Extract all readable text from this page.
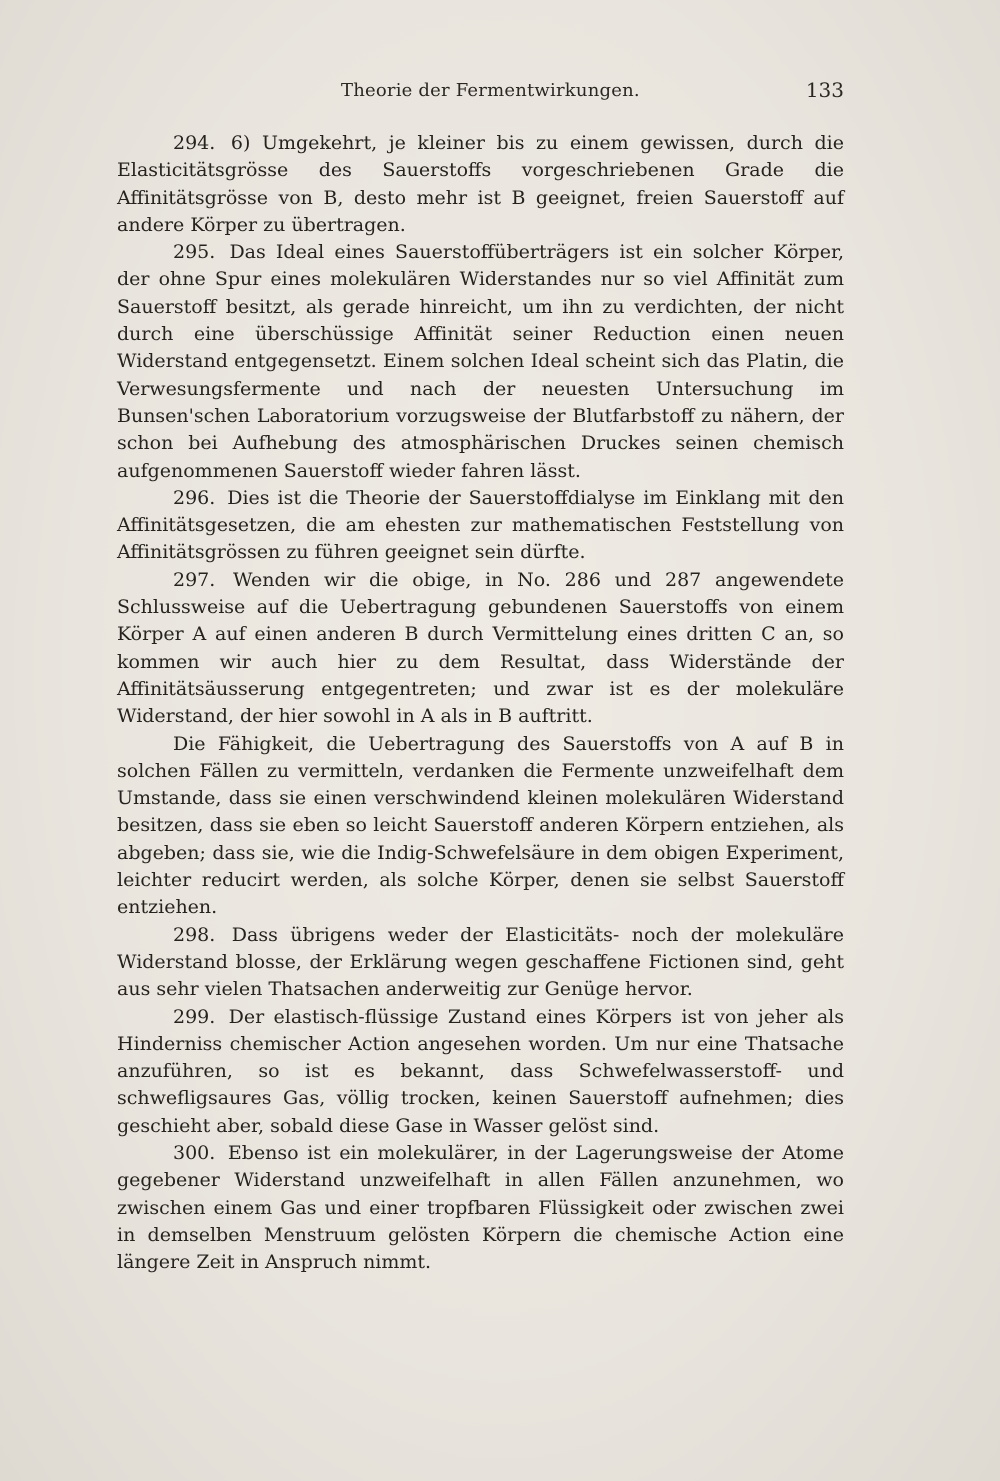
Theorie der Fermentwirkungen.	133

294. 6) Umgekehrt, je kleiner bis zu einem gewissen, durch die Elasticitätsgrösse des Sauerstoffs vorgeschriebenen Grade die Affinitätsgrösse von B, desto mehr ist B geeignet, freien Sauerstoff auf andere Körper zu übertragen.

295. Das Ideal eines Sauerstoffüberträgers ist ein solcher Körper, der ohne Spur eines molekulären Widerstandes nur so viel Affinität zum Sauerstoff besitzt, als gerade hinreicht, um ihn zu verdichten, der nicht durch eine überschüssige Affinität seiner Reduction einen neuen Widerstand entgegensetzt. Einem solchen Ideal scheint sich das Platin, die Verwesungsfermente und nach der neuesten Untersuchung im Bunsen'schen Laboratorium vorzugsweise der Blutfarbstoff zu nähern, der schon bei Aufhebung des atmosphärischen Druckes seinen chemisch aufgenommenen Sauerstoff wieder fahren lässt.

296. Dies ist die Theorie der Sauerstoffdialyse im Einklang mit den Affinitätsgesetzen, die am ehesten zur mathematischen Feststellung von Affinitätsgrössen zu führen geeignet sein dürfte.

297. Wenden wir die obige, in No. 286 und 287 angewendete Schlussweise auf die Uebertragung gebundenen Sauerstoffs von einem Körper A auf einen anderen B durch Vermittelung eines dritten C an, so kommen wir auch hier zu dem Resultat, dass Widerstände der Affinitätsäusserung entgegentreten; und zwar ist es der molekuläre Widerstand, der hier sowohl in A als in B auftritt.

Die Fähigkeit, die Uebertragung des Sauerstoffs von A auf B in solchen Fällen zu vermitteln, verdanken die Fermente unzweifelhaft dem Umstande, dass sie einen verschwindend kleinen molekulären Widerstand besitzen, dass sie eben so leicht Sauerstoff anderen Körpern entziehen, als abgeben; dass sie, wie die Indig-Schwefelsäure in dem obigen Experiment, leichter reducirt werden, als solche Körper, denen sie selbst Sauerstoff entziehen.

298. Dass übrigens weder der Elasticitäts- noch der molekuläre Widerstand blosse, der Erklärung wegen geschaffene Fictionen sind, geht aus sehr vielen Thatsachen anderweitig zur Genüge hervor.

299. Der elastisch-flüssige Zustand eines Körpers ist von jeher als Hinderniss chemischer Action angesehen worden. Um nur eine Thatsache anzuführen, so ist es bekannt, dass Schwefelwasserstoff- und schwefligsaures Gas, völlig trocken, keinen Sauerstoff aufnehmen; dies geschieht aber, sobald diese Gase in Wasser gelöst sind.

300. Ebenso ist ein molekulärer, in der Lagerungsweise der Atome gegebener Widerstand unzweifelhaft in allen Fällen anzunehmen, wo zwischen einem Gas und einer tropfbaren Flüssigkeit oder zwischen zwei in demselben Menstruum gelösten Körpern die chemische Action eine längere Zeit in Anspruch nimmt.
